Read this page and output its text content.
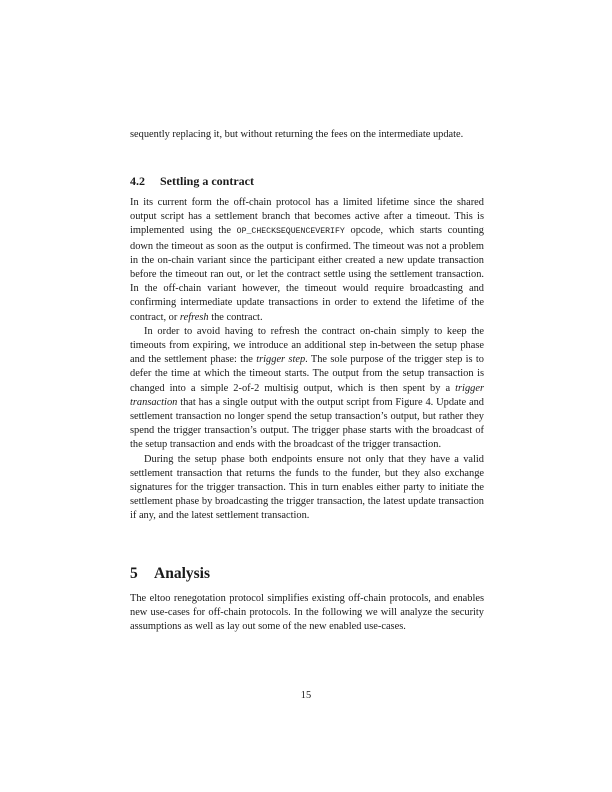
sequently replacing it, but without returning the fees on the intermediate update.

4.2 Settling a contract

In its current form the off-chain protocol has a limited lifetime since the shared output script has a settlement branch that becomes active after a timeout. This is implemented using the OP_CHECKSEQUENCEVERIFY opcode, which starts counting down the timeout as soon as the output is confirmed. The timeout was not a problem in the on-chain variant since the participant either created a new update transaction before the timeout ran out, or let the contract settle using the settlement transaction. In the off-chain variant however, the timeout would require broadcasting and confirming intermediate update transactions in order to extend the lifetime of the contract, or refresh the contract.

In order to avoid having to refresh the contract on-chain simply to keep the timeouts from expiring, we introduce an additional step in-between the setup phase and the settlement phase: the trigger step. The sole purpose of the trigger step is to defer the time at which the timeout starts. The output from the setup transaction is changed into a simple 2-of-2 multisig output, which is then spent by a trigger transaction that has a single output with the output script from Figure 4. Update and settlement transaction no longer spend the setup transaction’s output, but rather they spend the trigger transaction’s output. The trigger phase starts with the broadcast of the setup transaction and ends with the broadcast of the trigger transaction.

During the setup phase both endpoints ensure not only that they have a valid settlement transaction that returns the funds to the funder, but they also exchange signatures for the trigger transaction. This in turn enables either party to initiate the settlement phase by broadcasting the trigger transaction, the latest update transaction if any, and the latest settlement transaction.

5 Analysis

The eltoo renegotation protocol simplifies existing off-chain protocols, and enables new use-cases for off-chain protocols. In the following we will analyze the security assumptions as well as lay out some of the new enabled use-cases.

15
